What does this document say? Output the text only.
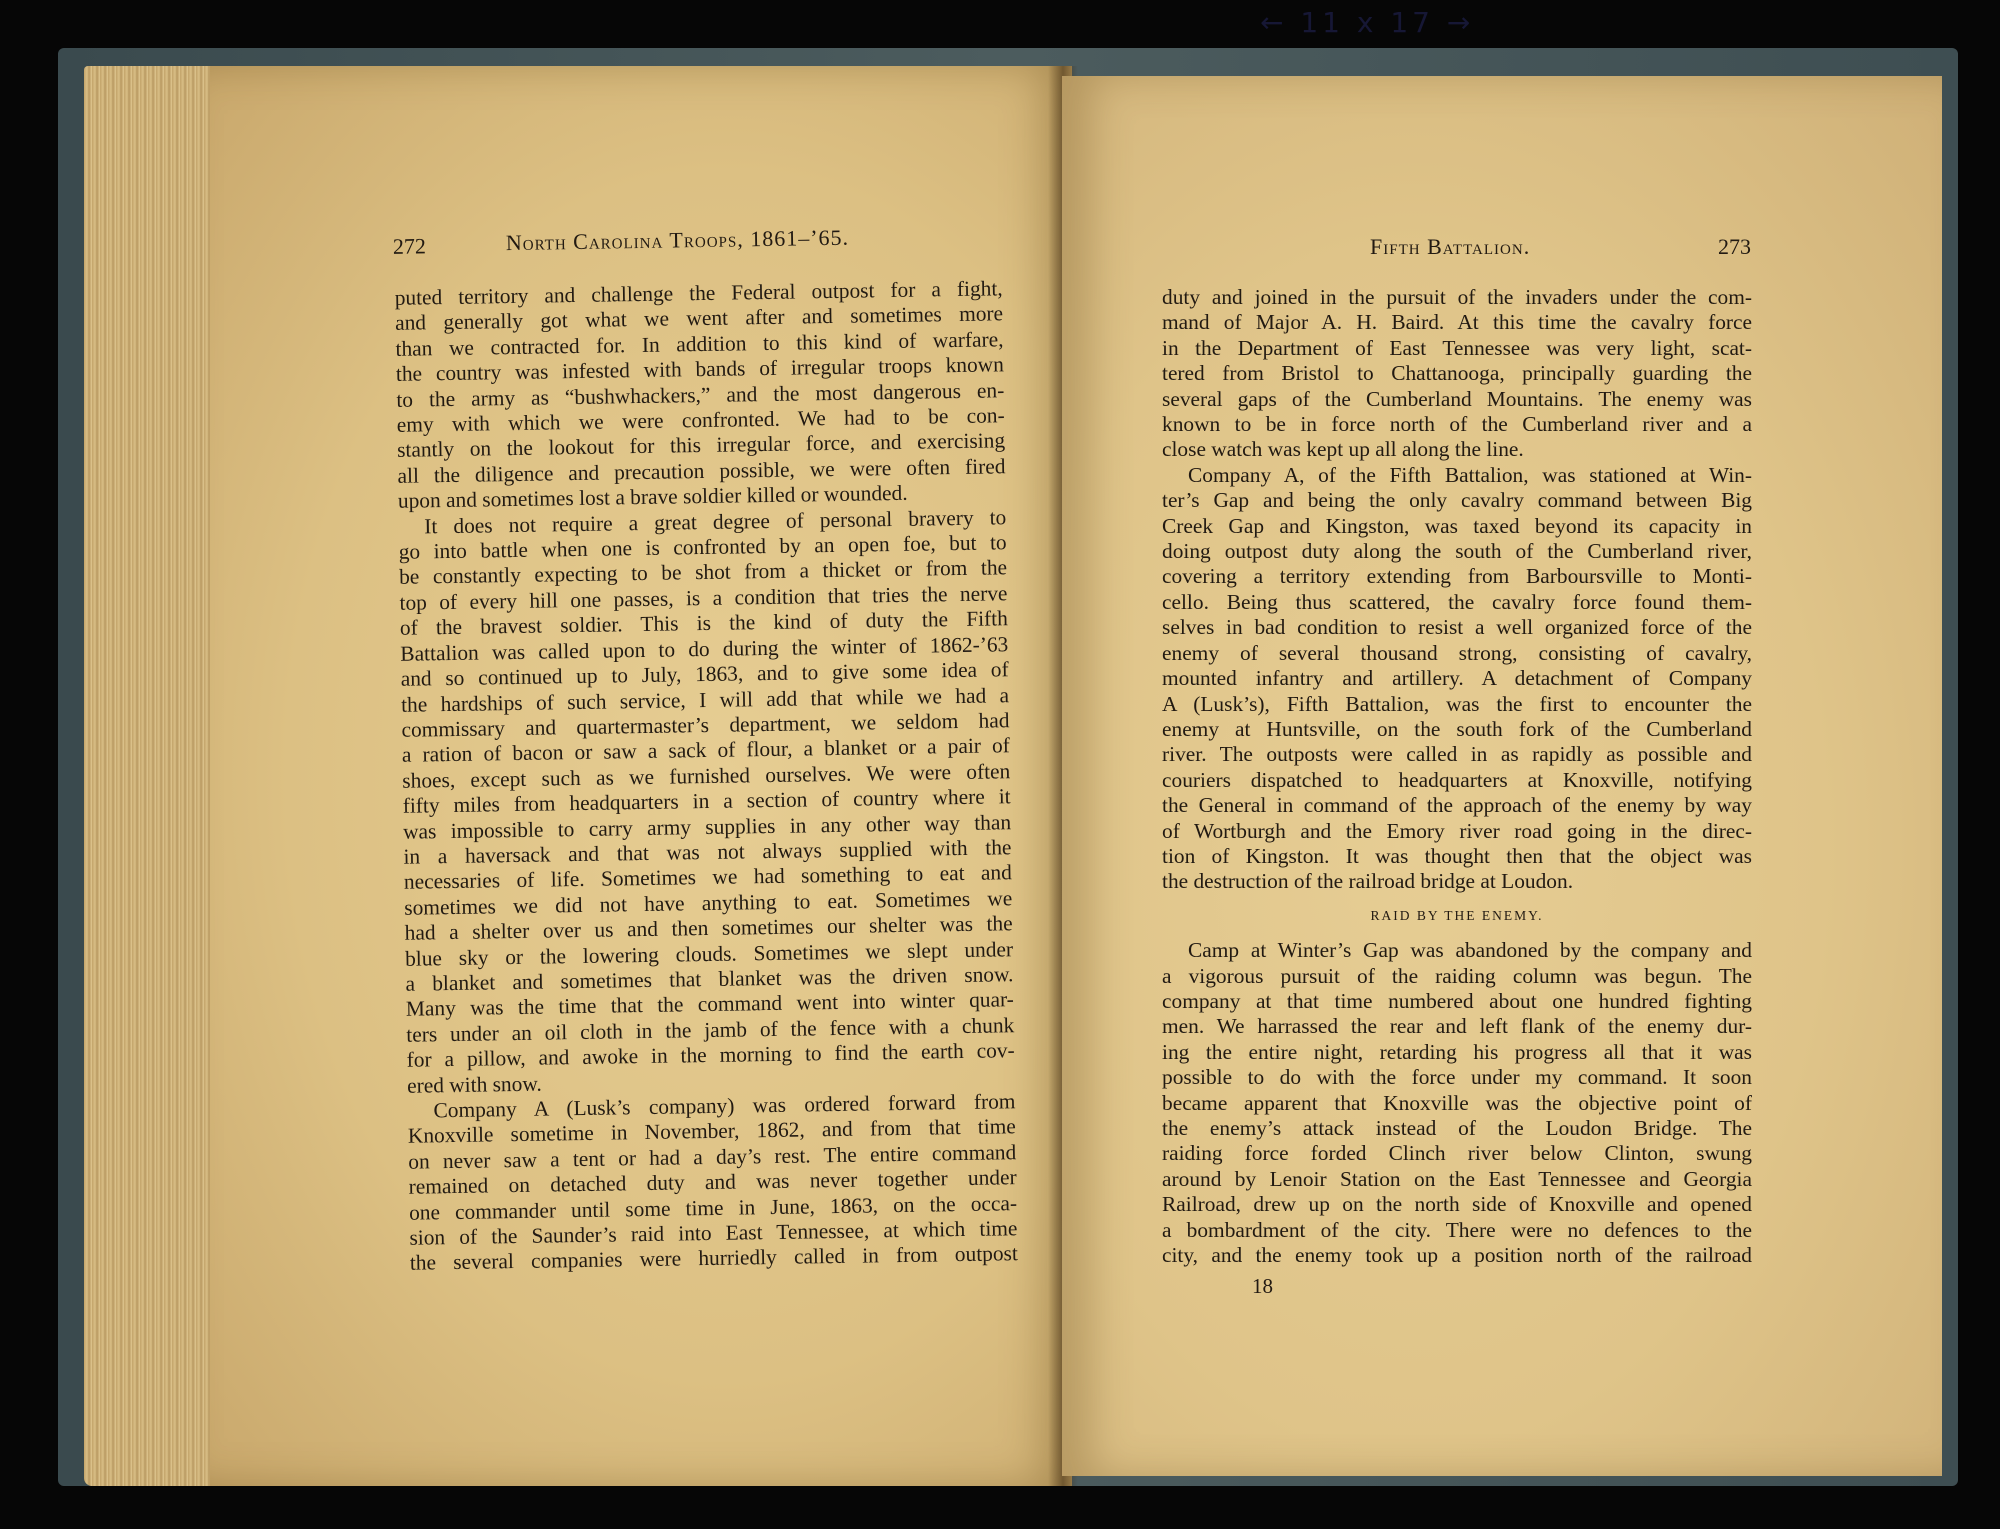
← 11 x 17 →
272	North Carolina Troops, 1861–’65.
puted territory and challenge the Federal outpost for a fight,
and generally got what we went after and sometimes more
than we contracted for. In addition to this kind of warfare,
the country was infested with bands of irregular troops known
to the army as “bushwhackers,” and the most dangerous en-
emy with which we were confronted. We had to be con-
stantly on the lookout for this irregular force, and exercising
all the diligence and precaution possible, we were often fired
upon and sometimes lost a brave soldier killed or wounded.
It does not require a great degree of personal bravery to
go into battle when one is confronted by an open foe, but to
be constantly expecting to be shot from a thicket or from the
top of every hill one passes, is a condition that tries the nerve
of the bravest soldier. This is the kind of duty the Fifth
Battalion was called upon to do during the winter of 1862-’63
and so continued up to July, 1863, and to give some idea of
the hardships of such service, I will add that while we had a
commissary and quartermaster’s department, we seldom had
a ration of bacon or saw a sack of flour, a blanket or a pair of
shoes, except such as we furnished ourselves. We were often
fifty miles from headquarters in a section of country where it
was impossible to carry army supplies in any other way than
in a haversack and that was not always supplied with the
necessaries of life. Sometimes we had something to eat and
sometimes we did not have anything to eat. Sometimes we
had a shelter over us and then sometimes our shelter was the
blue sky or the lowering clouds. Sometimes we slept under
a blanket and sometimes that blanket was the driven snow.
Many was the time that the command went into winter quar-
ters under an oil cloth in the jamb of the fence with a chunk
for a pillow, and awoke in the morning to find the earth cov-
ered with snow.
Company A (Lusk’s company) was ordered forward from
Knoxville sometime in November, 1862, and from that time
on never saw a tent or had a day’s rest. The entire command
remained on detached duty and was never together under
one commander until some time in June, 1863, on the occa-
sion of the Saunder’s raid into East Tennessee, at which time
the several companies were hurriedly called in from outpost
Fifth Battalion.	273
duty and joined in the pursuit of the invaders under the com-
mand of Major A. H. Baird. At this time the cavalry force
in the Department of East Tennessee was very light, scat-
tered from Bristol to Chattanooga, principally guarding the
several gaps of the Cumberland Mountains. The enemy was
known to be in force north of the Cumberland river and a
close watch was kept up all along the line.
Company A, of the Fifth Battalion, was stationed at Win-
ter’s Gap and being the only cavalry command between Big
Creek Gap and Kingston, was taxed beyond its capacity in
doing outpost duty along the south of the Cumberland river,
covering a territory extending from Barboursville to Monti-
cello. Being thus scattered, the cavalry force found them-
selves in bad condition to resist a well organized force of the
enemy of several thousand strong, consisting of cavalry,
mounted infantry and artillery. A detachment of Company
A (Lusk’s), Fifth Battalion, was the first to encounter the
enemy at Huntsville, on the south fork of the Cumberland
river. The outposts were called in as rapidly as possible and
couriers dispatched to headquarters at Knoxville, notifying
the General in command of the approach of the enemy by way
of Wortburgh and the Emory river road going in the direc-
tion of Kingston. It was thought then that the object was
the destruction of the railroad bridge at Loudon.
RAID BY THE ENEMY.
Camp at Winter’s Gap was abandoned by the company and
a vigorous pursuit of the raiding column was begun. The
company at that time numbered about one hundred fighting
men. We harrassed the rear and left flank of the enemy dur-
ing the entire night, retarding his progress all that it was
possible to do with the force under my command. It soon
became apparent that Knoxville was the objective point of
the enemy’s attack instead of the Loudon Bridge. The
raiding force forded Clinch river below Clinton, swung
around by Lenoir Station on the East Tennessee and Georgia
Railroad, drew up on the north side of Knoxville and opened
a bombardment of the city. There were no defences to the
city, and the enemy took up a position north of the railroad
18
